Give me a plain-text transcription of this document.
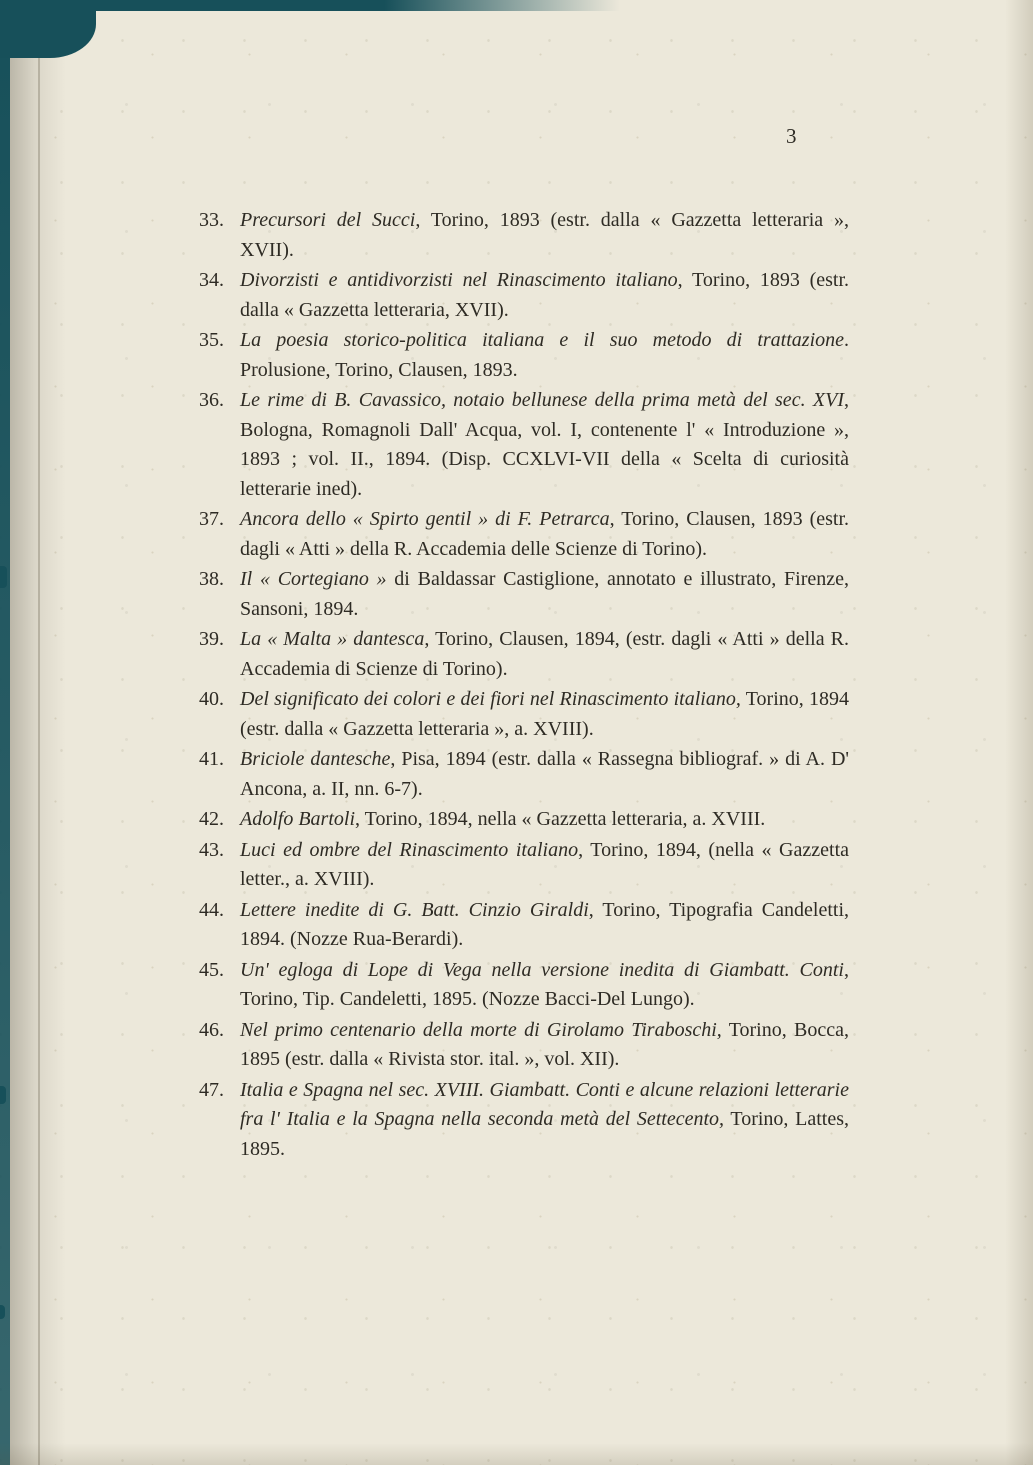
3
33. Precursori del Succi, Torino, 1893 (estr. dalla « Gazzetta letteraria », XVII).
34. Divorzisti e antidivorzisti nel Rinascimento italiano, Torino, 1893 (estr. dalla « Gazzetta letteraria, XVII).
35. La poesia storico-politica italiana e il suo metodo di trattazione. Prolusione, Torino, Clausen, 1893.
36. Le rime di B. Cavassico, notaio bellunese della prima metà del sec. XVI, Bologna, Romagnoli Dall' Acqua, vol. I, contenente l' « Introduzione », 1893 ; vol. II., 1894. (Disp. CCXLVI-VII della « Scelta di curiosità letterarie ined).
37. Ancora dello « Spirto gentil » di F. Petrarca, Torino, Clausen, 1893 (estr. dagli « Atti » della R. Accademia delle Scienze di Torino).
38. Il « Cortegiano » di Baldassar Castiglione, annotato e illustrato, Firenze, Sansoni, 1894.
39. La « Malta » dantesca, Torino, Clausen, 1894, (estr. dagli « Atti » della R. Accademia di Scienze di Torino).
40. Del significato dei colori e dei fiori nel Rinascimento italiano, Torino, 1894 (estr. dalla « Gazzetta letteraria », a. XVIII).
41. Briciole dantesche, Pisa, 1894 (estr. dalla « Rassegna bibliograf. » di A. D' Ancona, a. II, nn. 6-7).
42. Adolfo Bartoli, Torino, 1894, nella « Gazzetta letteraria, a. XVIII.
43. Luci ed ombre del Rinascimento italiano, Torino, 1894, (nella « Gazzetta letter., a. XVIII).
44. Lettere inedite di G. Batt. Cinzio Giraldi, Torino, Tipografia Candeletti, 1894. (Nozze Rua-Berardi).
45. Un' egloga di Lope di Vega nella versione inedita di Giambatt. Conti, Torino, Tip. Candeletti, 1895. (Nozze Bacci-Del Lungo).
46. Nel primo centenario della morte di Girolamo Tiraboschi, Torino, Bocca, 1895 (estr. dalla « Rivista stor. ital. », vol. XII).
47. Italia e Spagna nel sec. XVIII. Giambatt. Conti e alcune relazioni letterarie fra l' Italia e la Spagna nella seconda metà del Settecento, Torino, Lattes, 1895.
